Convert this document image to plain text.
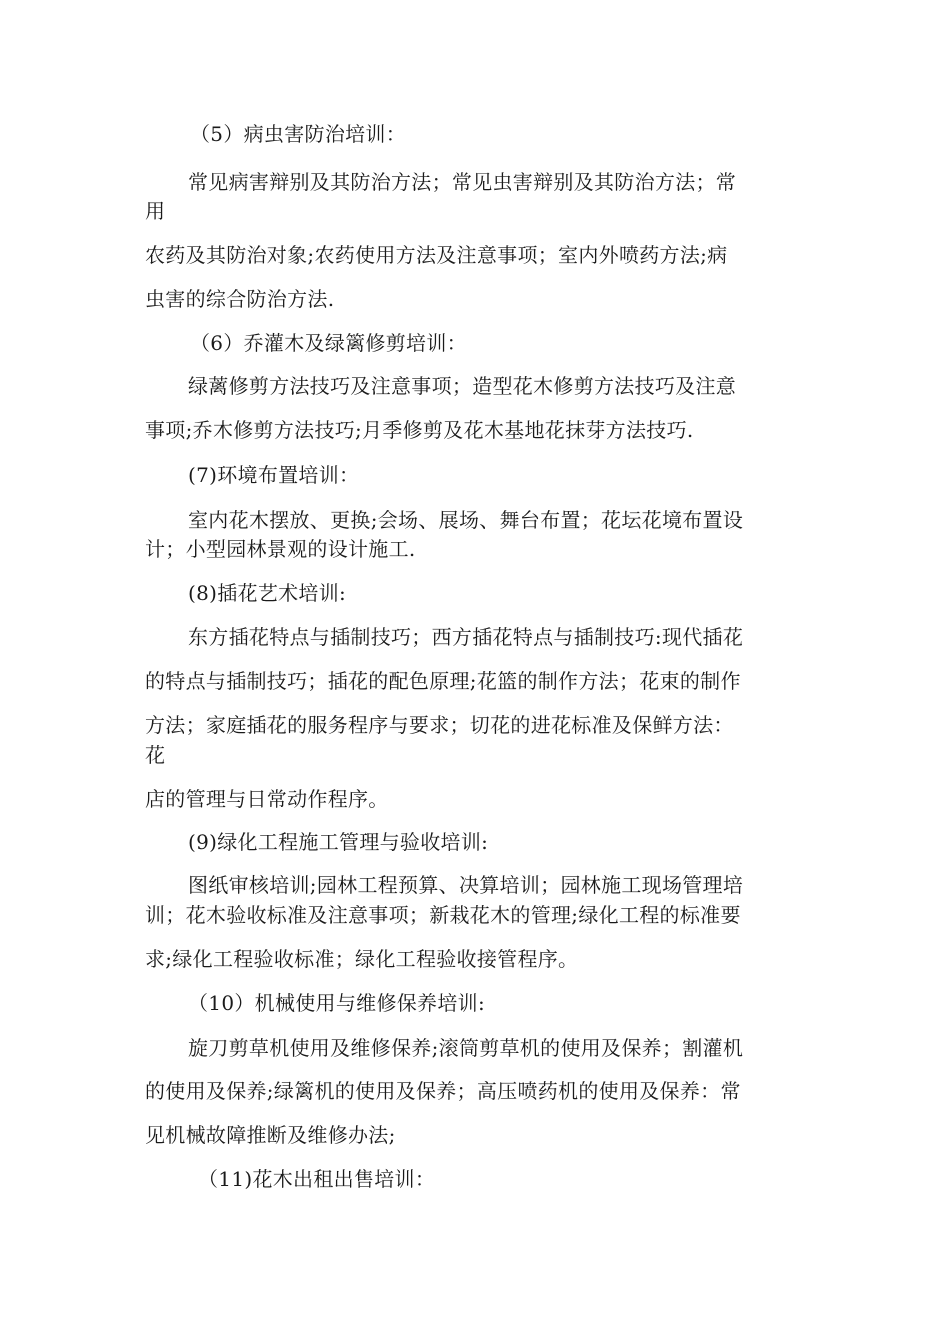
（5）病虫害防治培训：
常见病害辩别及其防治方法；常见虫害辩别及其防治方法；常
用
农药及其防治对象;农药使用方法及注意事项；室内外喷药方法;病
虫害的综合防治方法.
（6）乔灌木及绿篱修剪培训：
绿蓠修剪方法技巧及注意事项；造型花木修剪方法技巧及注意
事项;乔木修剪方法技巧;月季修剪及花木基地花抹芽方法技巧.
(7)环境布置培训：
室内花木摆放、更换;会场、展场、舞台布置；花坛花境布置设
计；小型园林景观的设计施工.
(8)插花艺术培训:
东方插花特点与插制技巧；西方插花特点与插制技巧:现代插花
的特点与插制技巧；插花的配色原理;花篮的制作方法；花束的制作
方法；家庭插花的服务程序与要求；切花的进花标准及保鲜方法：
花
店的管理与日常动作程序。
(9)绿化工程施工管理与验收培训:
图纸审核培训;园林工程预算、决算培训；园林施工现场管理培
训；花木验收标准及注意事项；新栽花木的管理;绿化工程的标准要
求;绿化工程验收标准；绿化工程验收接管程序。
（10）机械使用与维修保养培训:
旋刀剪草机使用及维修保养;滚筒剪草机的使用及保养；割灌机
的使用及保养;绿篱机的使用及保养；高压喷药机的使用及保养：常
见机械故障推断及维修办法;
（11)花木出租出售培训：
